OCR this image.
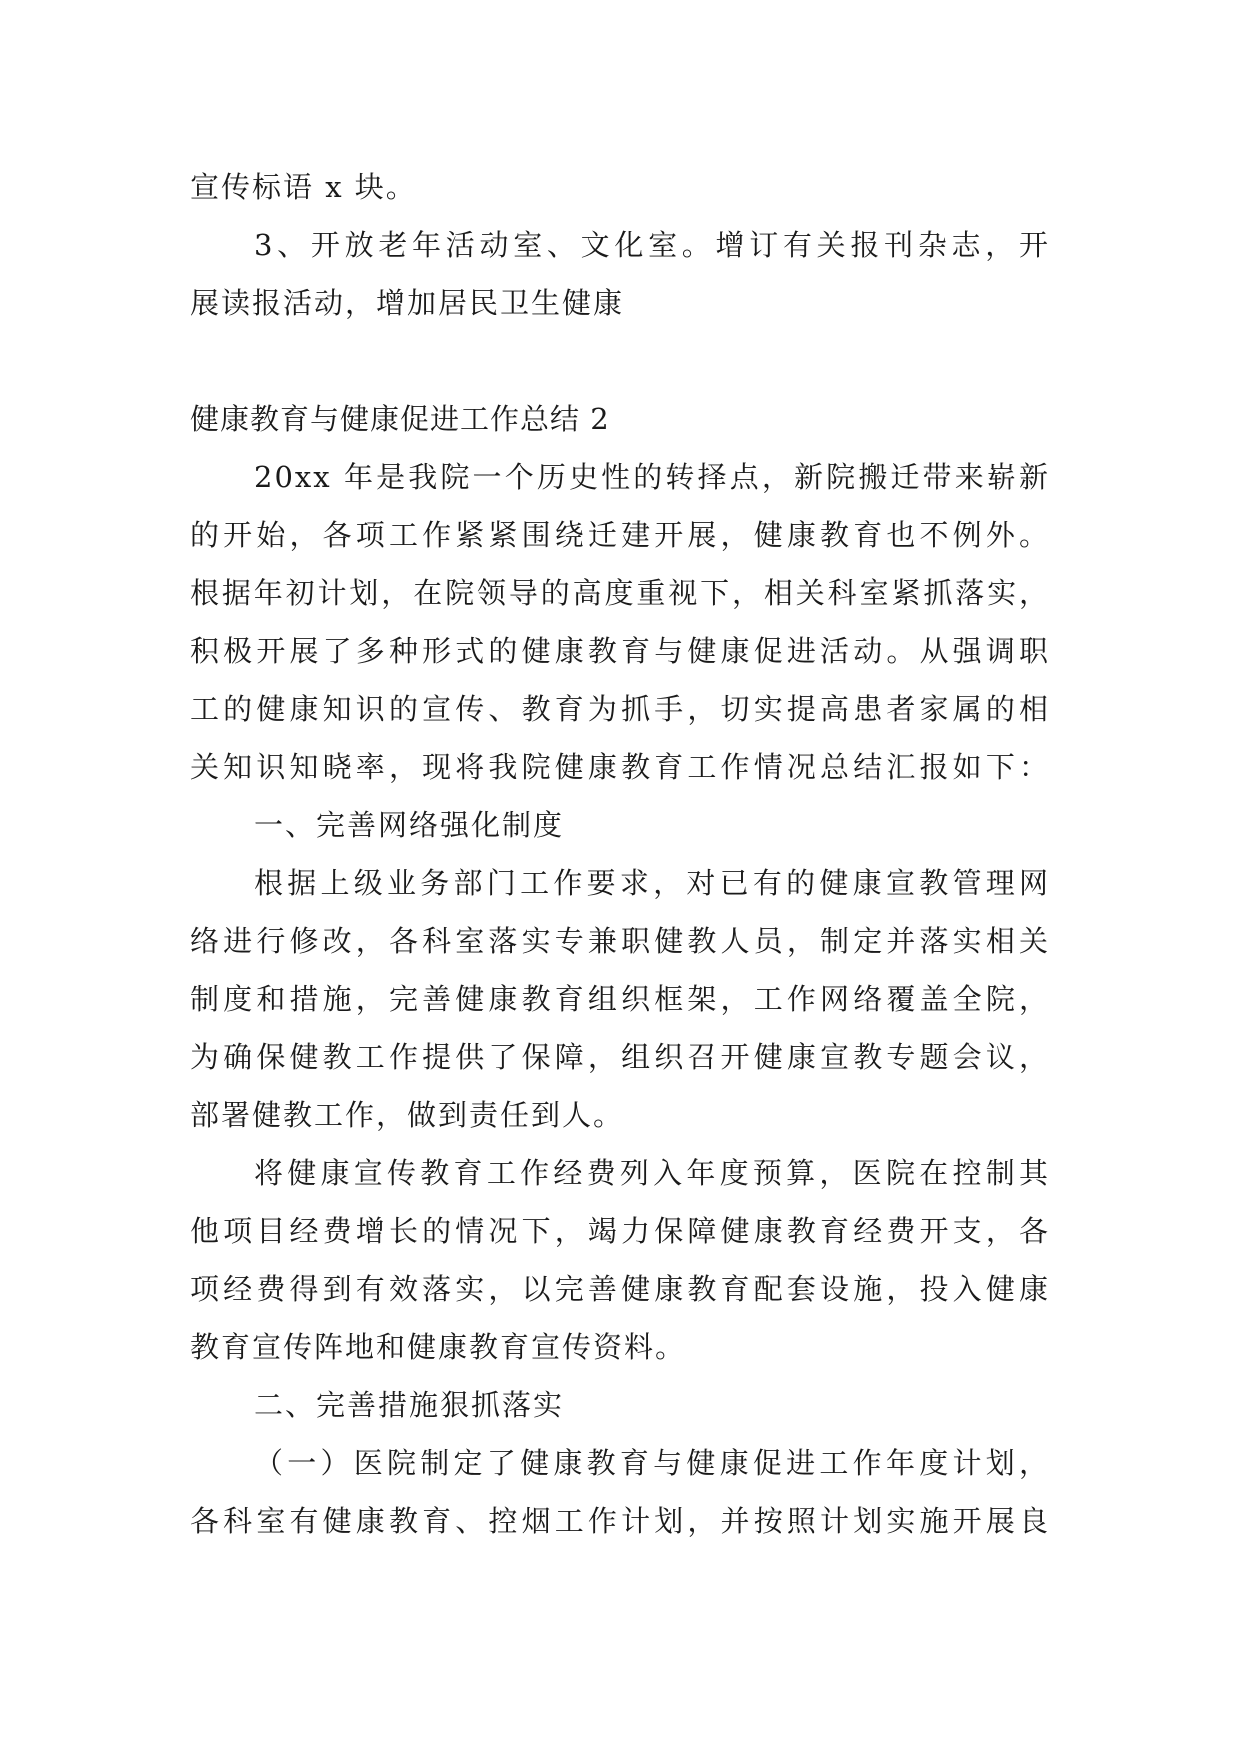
宣传标语 x 块。
3、开放老年活动室、文化室。增订有关报刊杂志，开
展读报活动，增加居民卫生健康
健康教育与健康促进工作总结 2
20xx 年是我院一个历史性的转择点，新院搬迁带来崭新
的开始，各项工作紧紧围绕迁建开展，健康教育也不例外。
根据年初计划，在院领导的高度重视下，相关科室紧抓落实，
积极开展了多种形式的健康教育与健康促进活动。从强调职
工的健康知识的宣传、教育为抓手，切实提高患者家属的相
关知识知晓率，现将我院健康教育工作情况总结汇报如下：
一、完善网络强化制度
根据上级业务部门工作要求，对已有的健康宣教管理网
络进行修改，各科室落实专兼职健教人员，制定并落实相关
制度和措施，完善健康教育组织框架，工作网络覆盖全院，
为确保健教工作提供了保障，组织召开健康宣教专题会议，
部署健教工作，做到责任到人。
将健康宣传教育工作经费列入年度预算，医院在控制其
他项目经费增长的情况下，竭力保障健康教育经费开支，各
项经费得到有效落实，以完善健康教育配套设施，投入健康
教育宣传阵地和健康教育宣传资料。
二、完善措施狠抓落实
（一）医院制定了健康教育与健康促进工作年度计划，
各科室有健康教育、控烟工作计划，并按照计划实施开展良
